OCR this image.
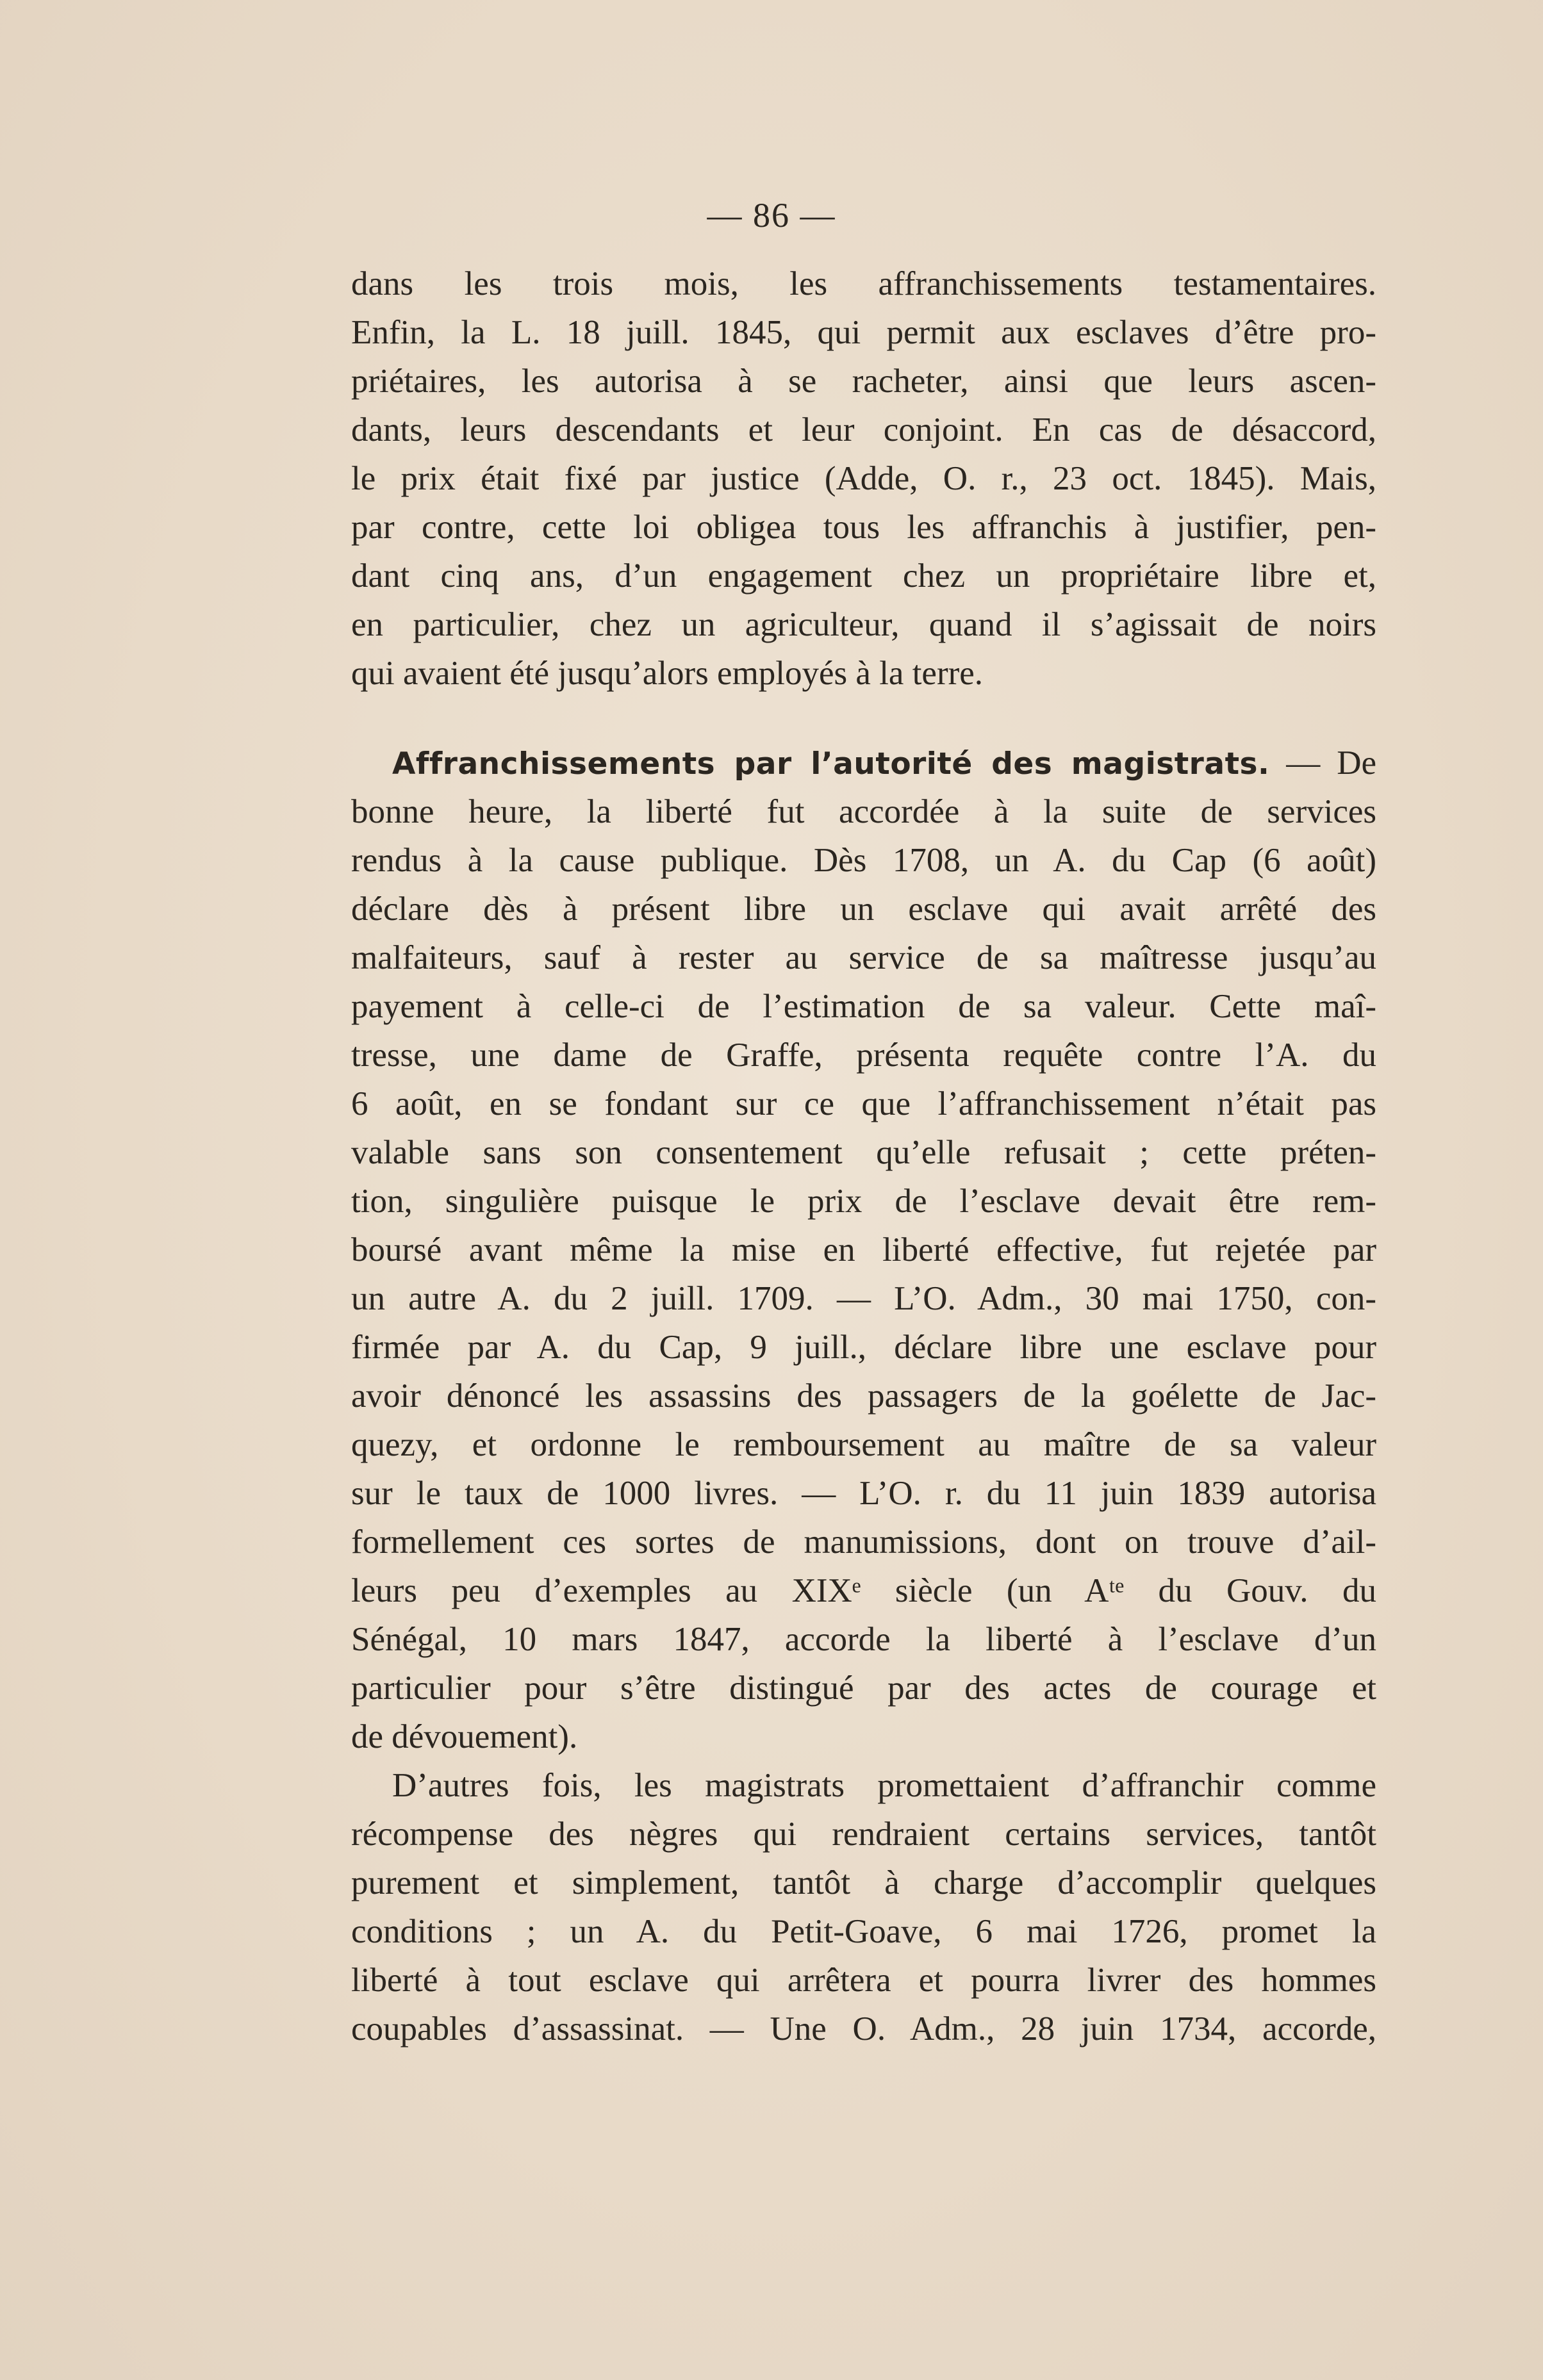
— 86 —
dans les trois mois, les affranchissements testamentaires.
Enfin, la L. 18 juill. 1845, qui permit aux esclaves d’être pro-
priétaires, les autorisa à se racheter, ainsi que leurs ascen-
dants, leurs descendants et leur conjoint. En cas de désaccord,
le prix était fixé par justice (Adde, O. r., 23 oct. 1845). Mais,
par contre, cette loi obligea tous les affranchis à justifier, pen-
dant cinq ans, d’un engagement chez un propriétaire libre et,
en particulier, chez un agriculteur, quand il s’agissait de noirs
qui avaient été jusqu’alors employés à la terre.
Affranchissements par l’autorité des magistrats. — De
bonne heure, la liberté fut accordée à la suite de services
rendus à la cause publique. Dès 1708, un A. du Cap (6 août)
déclare dès à présent libre un esclave qui avait arrêté des
malfaiteurs, sauf à rester au service de sa maîtresse jusqu’au
payement à celle-ci de l’estimation de sa valeur. Cette maî-
tresse, une dame de Graffe, présenta requête contre l’A. du
6 août, en se fondant sur ce que l’affranchissement n’était pas
valable sans son consentement qu’elle refusait ; cette préten-
tion, singulière puisque le prix de l’esclave devait être rem-
boursé avant même la mise en liberté effective, fut rejetée par
un autre A. du 2 juill. 1709. — L’O. Adm., 30 mai 1750, con-
firmée par A. du Cap, 9 juill., déclare libre une esclave pour
avoir dénoncé les assassins des passagers de la goélette de Jac-
quezy, et ordonne le remboursement au maître de sa valeur
sur le taux de 1000 livres. — L’O. r. du 11 juin 1839 autorisa
formellement ces sortes de manumissions, dont on trouve d’ail-
leurs peu d’exemples au XIXᵉ siècle (un Aᵗᵉ du Gouv. du
Sénégal, 10 mars 1847, accorde la liberté à l’esclave d’un
particulier pour s’être distingué par des actes de courage et
de dévouement).
D’autres fois, les magistrats promettaient d’affranchir comme
récompense des nègres qui rendraient certains services, tantôt
purement et simplement, tantôt à charge d’accomplir quelques
conditions ; un A. du Petit-Goave, 6 mai 1726, promet la
liberté à tout esclave qui arrêtera et pourra livrer des hommes
coupables d’assassinat. — Une O. Adm., 28 juin 1734, accorde,
